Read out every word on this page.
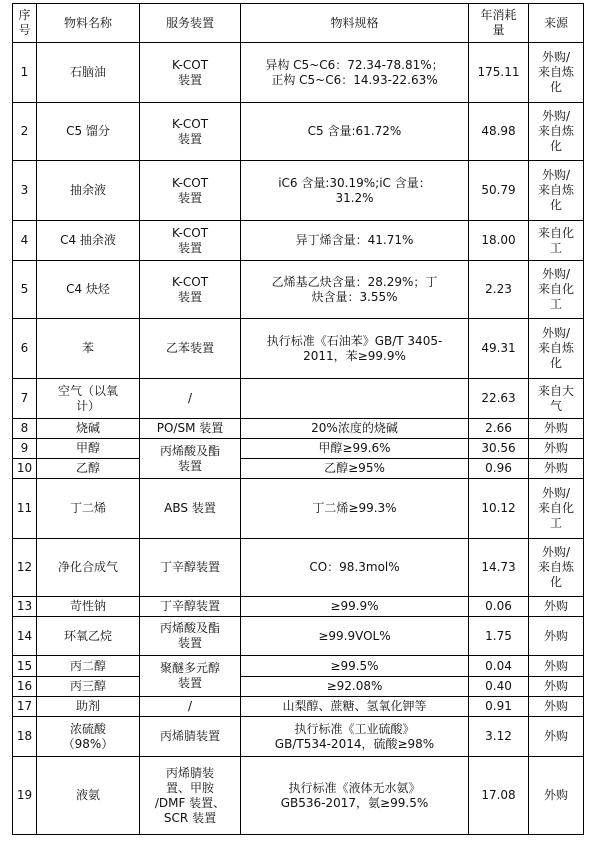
序
号	物料名称	服务装置	物料规格	年消耗
量	来源
1	石脑油	K-COT
装置	异构 C5~C6：72.34-78.81%；
正构 C5~C6：14.93-22.63%	175.11	外购/
来自炼
化
2	C5 馏分	K-COT
装置	C5 含量:61.72%	48.98	外购/
来自炼
化
3	抽余液	K-COT
装置	iC6 含量:30.19%;iC 含量：
31.2%	50.79	外购/
来自炼
化
4	C4 抽余液	K-COT
装置	异丁烯含量：41.71%	18.00	来自化
工
5	C4 炔烃	K-COT
装置	乙烯基乙炔含量：28.29%；丁
炔含量：3.55%	2.23	外购/
来自化
工
6	苯	乙苯装置	执行标准《石油苯》GB/T 3405-
2011，苯≥99.9%	49.31	外购/
来自炼
化
7	空气（以氧
计）	/		22.63	来自大
气
8	烧碱	PO/SM 装置	20%浓度的烧碱	2.66	外购
9	甲醇	丙烯酸及酯
装置	甲醇≥99.6%	30.56	外购
10	乙醇		乙醇≥95%	0.96	外购
11	丁二烯	ABS 装置	丁二烯≥99.3%	10.12	外购/
来自化
工
12	净化合成气	丁辛醇装置	CO：98.3mol%	14.73	外购/
来自炼
化
13	苛性钠	丁辛醇装置	≥99.9%	0.06	外购
14	环氧乙烷	丙烯酸及酯
装置	≥99.9VOL%	1.75	外购
15	丙二醇	聚醚多元醇
装置	≥99.5%	0.04	外购
16	丙三醇		≥92.08%	0.40	外购
17	助剂	/	山梨醇、蔗糖、氢氧化钾等	0.91	外购
18	浓硫酸
（98%）	丙烯腈装置	执行标准《工业硫酸》
GB/T534-2014，硫酸≥98%	3.12	外购
19	液氨	丙烯腈装
置、甲胺
/DMF 装置、
SCR 装置	执行标准《液体无水氨》
GB536-2017，氨≥99.5%	17.08	外购
